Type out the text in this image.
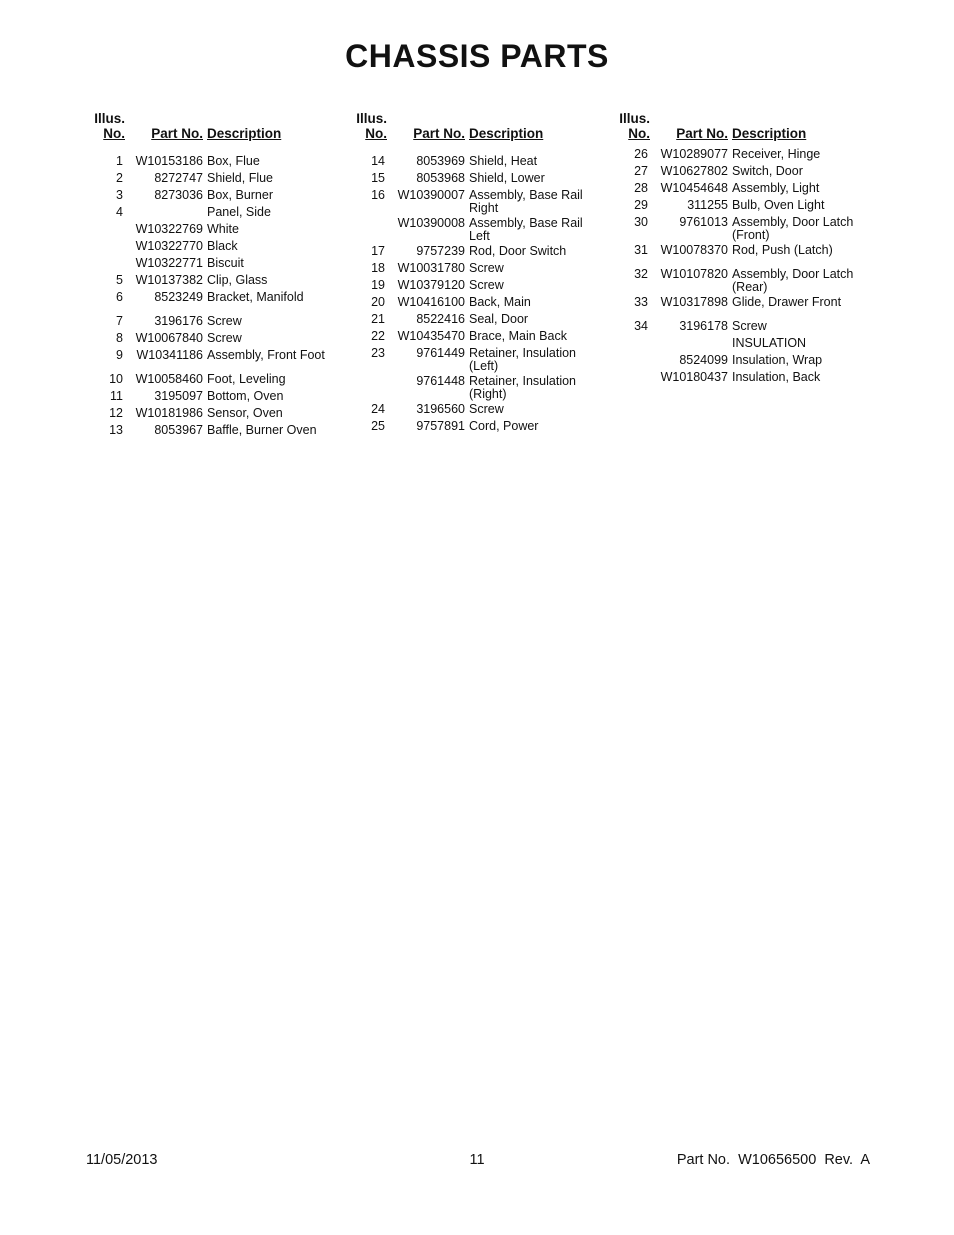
CHASSIS PARTS
Illus.
No.	Part No. Description
1	W10153186 Box, Flue
2	8272747 Shield, Flue
3	8273036 Box, Burner
4	Panel, Side
W10322769 White
W10322770 Black
W10322771 Biscuit
5	W10137382 Clip, Glass
6	8523249 Bracket, Manifold
7	3196176 Screw
8	W10067840 Screw
9	W10341186 Assembly, Front Foot
10	W10058460 Foot, Leveling
11	3195097 Bottom, Oven
12	W10181986 Sensor, Oven
13	8053967 Baffle, Burner Oven
Illus.
No.	Part No. Description
14	8053969 Shield, Heat
15	8053968 Shield, Lower
16	W10390007 Assembly, Base Rail Right
W10390008 Assembly, Base Rail Left
17	9757239 Rod, Door Switch
18	W10031780 Screw
19	W10379120 Screw
20	W10416100 Back, Main
21	8522416 Seal, Door
22	W10435470 Brace, Main Back
23	9761449 Retainer, Insulation (Left)
9761448 Retainer, Insulation (Right)
24	3196560 Screw
25	9757891 Cord, Power
Illus.
No.	Part No. Description
26	W10289077 Receiver, Hinge
27	W10627802 Switch, Door
28	W10454648 Assembly, Light
29	311255 Bulb, Oven Light
30	9761013 Assembly, Door Latch (Front)
31	W10078370 Rod, Push (Latch)
32	W10107820 Assembly, Door Latch (Rear)
33	W10317898 Glide, Drawer Front
34	3196178 Screw
INSULATION
8524099 Insulation, Wrap
W10180437 Insulation, Back
11/05/2013	11	Part No.  W10656500  Rev.  A
